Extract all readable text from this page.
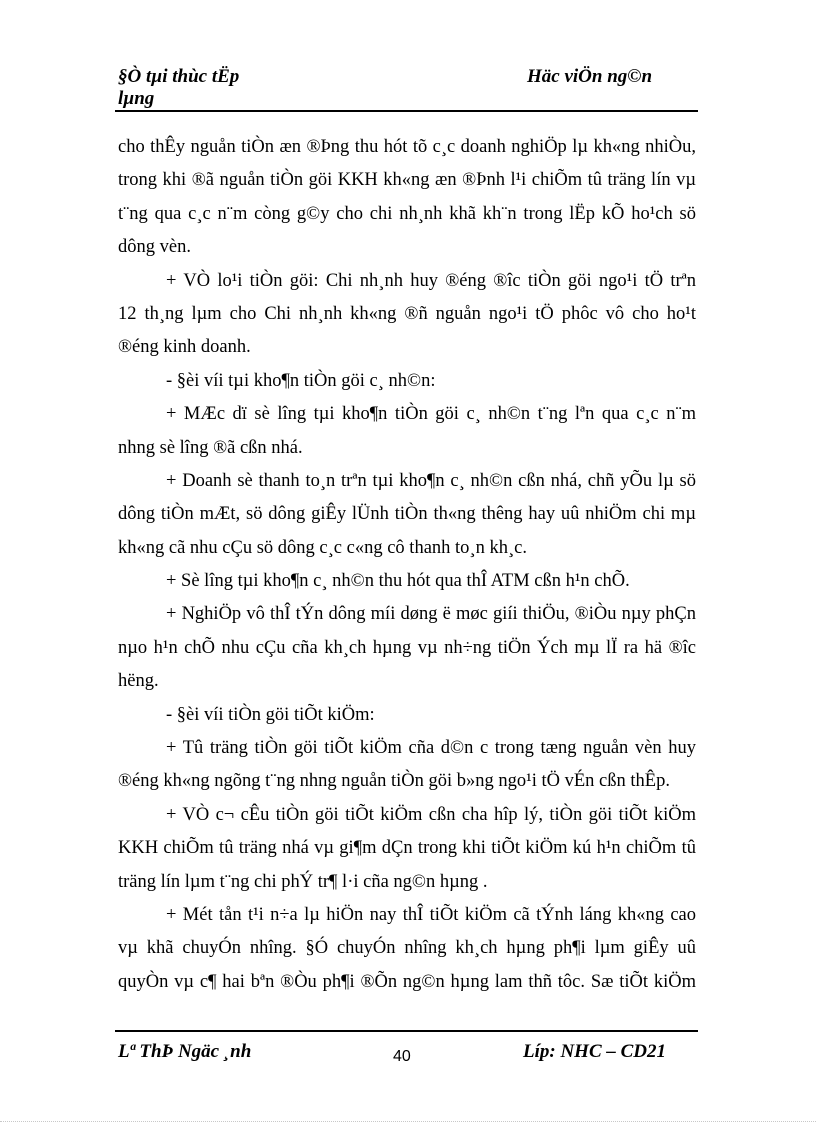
§Ò tµi thùc tËp
lµng
Häc viÖn ng©n
cho thÊy nguån tiÒn æn ®Þng thu hót tõ c¸c doanh nghiÖp lµ kh«ng nhiÒu,
trong khi ®ã nguån tiÒn göi KKH kh«ng æn ®Þnh l¹i chiÕm tû träng lín vµ
t¨ng qua c¸c n¨m còng g©y cho chi nh¸nh khã kh¨n trong lËp kÕ ho¹ch sö
dông vèn.
+ VÒ lo¹i tiÒn göi: Chi nh¸nh huy ®éng ®îc tiÒn göi ngo¹i tÖ trªn
12 th¸ng lµm cho Chi nh¸nh kh«ng ®ñ nguån ngo¹i tÖ phôc vô cho ho¹t
®éng kinh doanh.
- §èi víi tµi kho¶n tiÒn göi c¸ nh©n:
+ MÆc dï sè lîng tµi kho¶n tiÒn göi c¸ nh©n t¨ng lªn qua c¸c n¨m
nhng sè lîng ®ã cßn nhá.
+ Doanh sè thanh to¸n trªn tµi kho¶n c¸ nh©n cßn nhá, chñ yÕu lµ sö
dông tiÒn mÆt, sö dông giÊy lÜnh tiÒn th«ng thêng hay uû nhiÖm chi mµ
kh«ng cã nhu cÇu sö dông c¸c c«ng cô thanh to¸n kh¸c.
+ Sè lîng tµi kho¶n c¸ nh©n thu hót qua thÎ ATM cßn h¹n chÕ.
+ NghiÖp vô thÎ tÝn dông míi døng ë møc giíi thiÖu, ®iÒu nµy phÇn
nµo h¹n chÕ nhu cÇu cña kh¸ch hµng vµ nh÷ng tiÖn Ých mµ lÏ ra hä ®îc
hëng.
- §èi víi tiÒn göi tiÕt kiÖm:
+ Tû träng tiÒn göi tiÕt kiÖm cña d©n c trong tæng nguån vèn huy
®éng kh«ng ngõng t¨ng nhng nguån tiÒn göi b»ng ngo¹i tÖ vÉn cßn thÊp.
+ VÒ c¬ cÊu tiÒn göi tiÕt kiÖm cßn cha hîp lý, tiÒn göi tiÕt kiÖm
KKH chiÕm tû träng nhá vµ gi¶m dÇn trong khi tiÕt kiÖm kú h¹n chiÕm tû
träng lín lµm t¨ng chi phÝ tr¶ l·i cña ng©n hµng .
+ Mét tån t¹i n÷a lµ hiÖn nay thÎ tiÕt kiÖm cã tÝnh láng kh«ng cao
vµ khã chuyÓn nhîng. §Ó chuyÓn nhîng kh¸ch hµng ph¶i lµm giÊy uû
quyÒn vµ c¶ hai bªn ®Òu ph¶i ®Õn ng©n hµng lam thñ tôc. Sæ tiÕt kiÖm
Lª ThÞ Ngäc ¸nh	40	Líp: NHC – CD21
